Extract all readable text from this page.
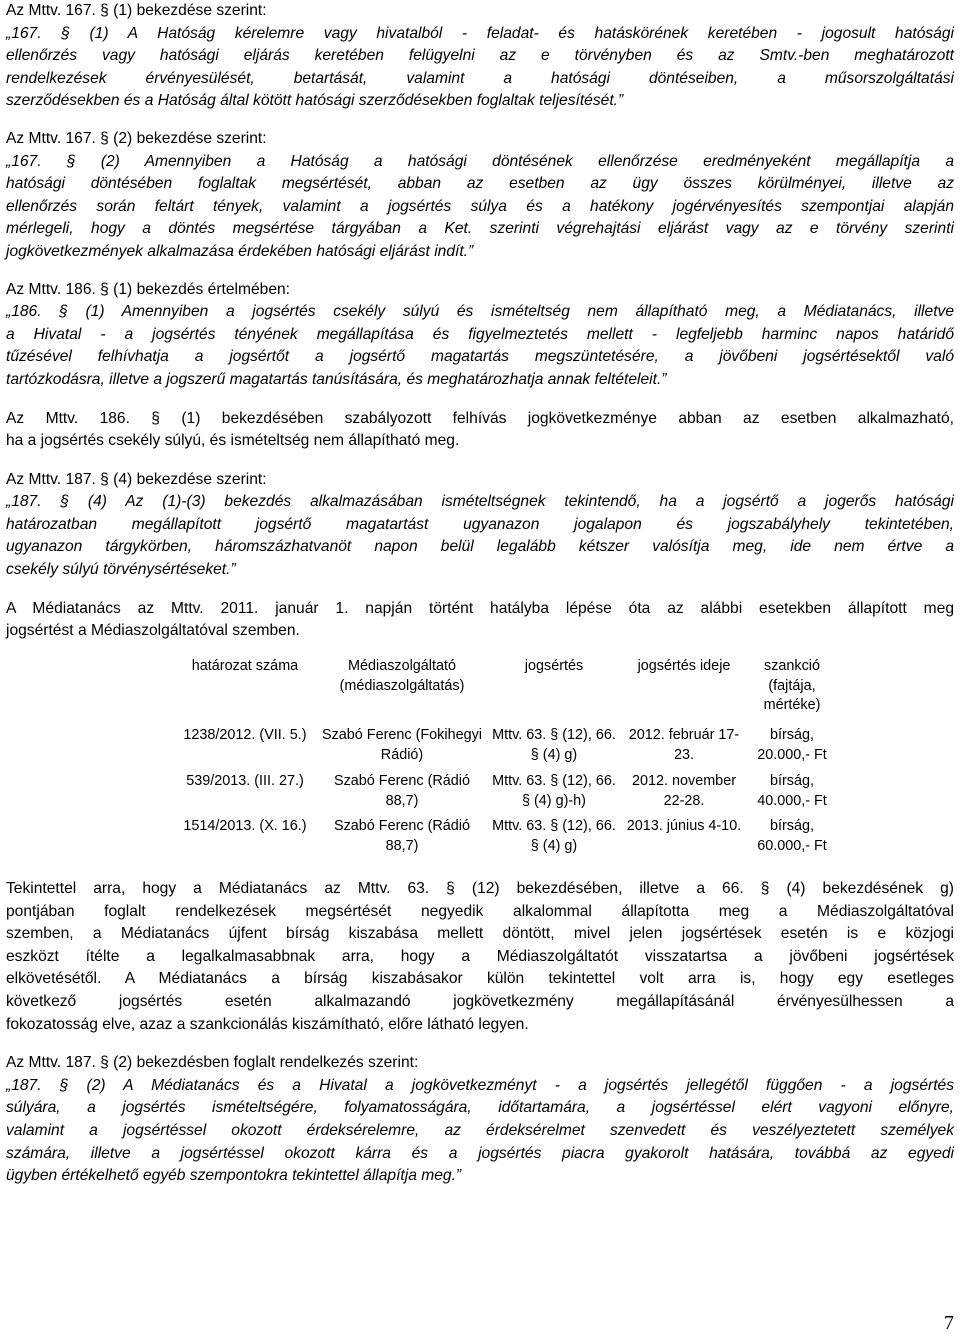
Az Mttv. 167. § (1) bekezdése szerint:

„167. § (1) A Hatóság kérelemre vagy hivatalból - feladat- és hatáskörének keretében - jogosult hatósági

ellenőrzés vagy hatósági eljárás keretében felügyelni az e törvényben és az Smtv.-ben meghatározott

rendelkezések érvényesülését, betartását, valamint a hatósági döntéseiben, a műsorszolgáltatási

szerződésekben és a Hatóság által kötött hatósági szerződésekben foglaltak teljesítését.”

Az Mttv. 167. § (2) bekezdése szerint:

„167. § (2) Amennyiben a Hatóság a hatósági döntésének ellenőrzése eredményeként megállapítja a

hatósági döntésében foglaltak megsértését, abban az esetben az ügy összes körülményei, illetve az

ellenőrzés során feltárt tények, valamint a jogsértés súlya és a hatékony jogérvényesítés szempontjai alapján

mérlegeli, hogy a döntés megsértése tárgyában a Ket. szerinti végrehajtási eljárást vagy az e törvény szerinti

jogkövetkezmények alkalmazása érdekében hatósági eljárást indít.”

Az Mttv. 186. § (1) bekezdés értelmében:

„186. § (1) Amennyiben a jogsértés csekély súlyú és ismételtség nem állapítható meg, a Médiatanács, illetve

a Hivatal - a jogsértés tényének megállapítása és figyelmeztetés mellett - legfeljebb harminc napos határidő

tűzésével felhívhatja a jogsértőt a jogsértő magatartás megszüntetésére, a jövőbeni jogsértésektől való

tartózkodásra, illetve a jogszerű magatartás tanúsítására, és meghatározhatja annak feltételeit.”

Az Mttv. 186. § (1) bekezdésében szabályozott felhívás jogkövetkezménye abban az esetben alkalmazható,

ha a jogsértés csekély súlyú, és ismételtség nem állapítható meg.

Az Mttv. 187. § (4) bekezdése szerint:

„187. § (4) Az (1)-(3) bekezdés alkalmazásában ismételtségnek tekintendő, ha a jogsértő a jogerős hatósági

határozatban megállapított jogsértő magatartást ugyanazon jogalapon és jogszabályhely tekintetében,

ugyanazon tárgykörben, háromszázhatvanöt napon belül legalább kétszer valósítja meg, ide nem értve a

csekély súlyú törvénysértéseket.”

A Médiatanács az Mttv. 2011. január 1. napján történt hatályba lépése óta az alábbi esetekben állapított meg

jogsértést a Médiaszolgáltatóval szemben.

határozat száma	Médiaszolgáltató (médiaszolgáltatás)	jogsértés	jogsértés ideje	szankció (fajtája, mértéke)
1238/2012. (VII. 5.)	Szabó Ferenc (Fokihegyi Rádió)	Mttv. 63. § (12), 66. § (4) g)	2012. február 17-23.	bírság, 20.000,- Ft
539/2013. (III. 27.)	Szabó Ferenc (Rádió 88,7)	Mttv. 63. § (12), 66. § (4) g)-h)	2012. november 22-28.	bírság, 40.000,- Ft
1514/2013. (X. 16.)	Szabó Ferenc (Rádió 88,7)	Mttv. 63. § (12), 66. § (4) g)	2013. június 4-10.	bírság, 60.000,- Ft

Tekintettel arra, hogy a Médiatanács az Mttv. 63. § (12) bekezdésében, illetve a 66. § (4) bekezdésének g)

pontjában foglalt rendelkezések megsértését negyedik alkalommal állapította meg a Médiaszolgáltatóval

szemben, a Médiatanács újfent bírság kiszabása mellett döntött, mivel jelen jogsértések esetén is e közjogi

eszközt ítélte a legalkalmasabbnak arra, hogy a Médiaszolgáltatót visszatartsa a jövőbeni jogsértések

elkövetésétől. A Médiatanács a bírság kiszabásakor külön tekintettel volt arra is, hogy egy esetleges

következő jogsértés esetén alkalmazandó jogkövetkezmény megállapításánál érvényesülhessen a

fokozatosság elve, azaz a szankcionálás kiszámítható, előre látható legyen.

Az Mttv. 187. § (2) bekezdésben foglalt rendelkezés szerint:

„187. § (2) A Médiatanács és a Hivatal a jogkövetkezményt - a jogsértés jellegétől függően - a jogsértés

súlyára, a jogsértés ismételtségére, folyamatosságára, időtartamára, a jogsértéssel elért vagyoni előnyre,

valamint a jogsértéssel okozott érdeksérelemre, az érdeksérelmet szenvedett és veszélyeztetett személyek

számára, illetve a jogsértéssel okozott kárra és a jogsértés piacra gyakorolt hatására, továbbá az egyedi

ügyben értékelhető egyéb szempontokra tekintettel állapítja meg.”

7
